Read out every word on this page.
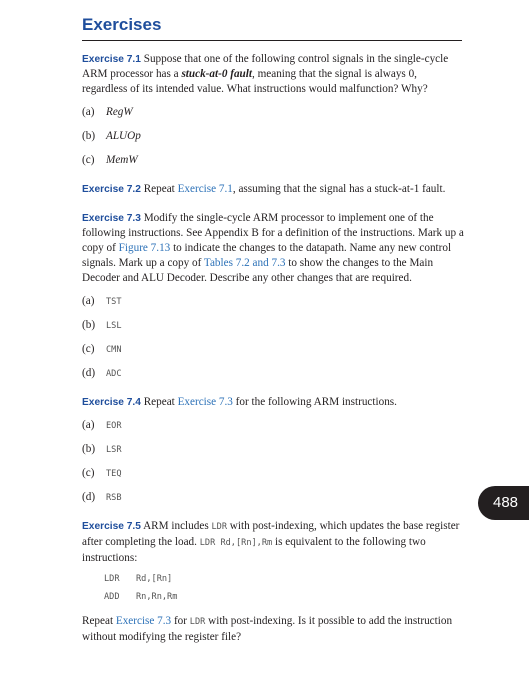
Exercises
Exercise 7.1 Suppose that one of the following control signals in the single-cycle ARM processor has a stuck-at-0 fault, meaning that the signal is always 0, regardless of its intended value. What instructions would malfunction? Why?
(a) RegW
(b) ALUOp
(c) MemW
Exercise 7.2 Repeat Exercise 7.1, assuming that the signal has a stuck-at-1 fault.
Exercise 7.3 Modify the single-cycle ARM processor to implement one of the following instructions. See Appendix B for a definition of the instructions. Mark up a copy of Figure 7.13 to indicate the changes to the datapath. Name any new control signals. Mark up a copy of Tables 7.2 and 7.3 to show the changes to the Main Decoder and ALU Decoder. Describe any other changes that are required.
(a) TST
(b) LSL
(c) CMN
(d) ADC
Exercise 7.4 Repeat Exercise 7.3 for the following ARM instructions.
(a) EOR
(b) LSR
(c) TEQ
(d) RSB
Exercise 7.5 ARM includes LDR with post-indexing, which updates the base register after completing the load. LDR Rd,[Rn],Rm is equivalent to the following two instructions:
LDR Rd,[Rn]
ADD Rn,Rn,Rm
Repeat Exercise 7.3 for LDR with post-indexing. Is it possible to add the instruction without modifying the register file?
488
